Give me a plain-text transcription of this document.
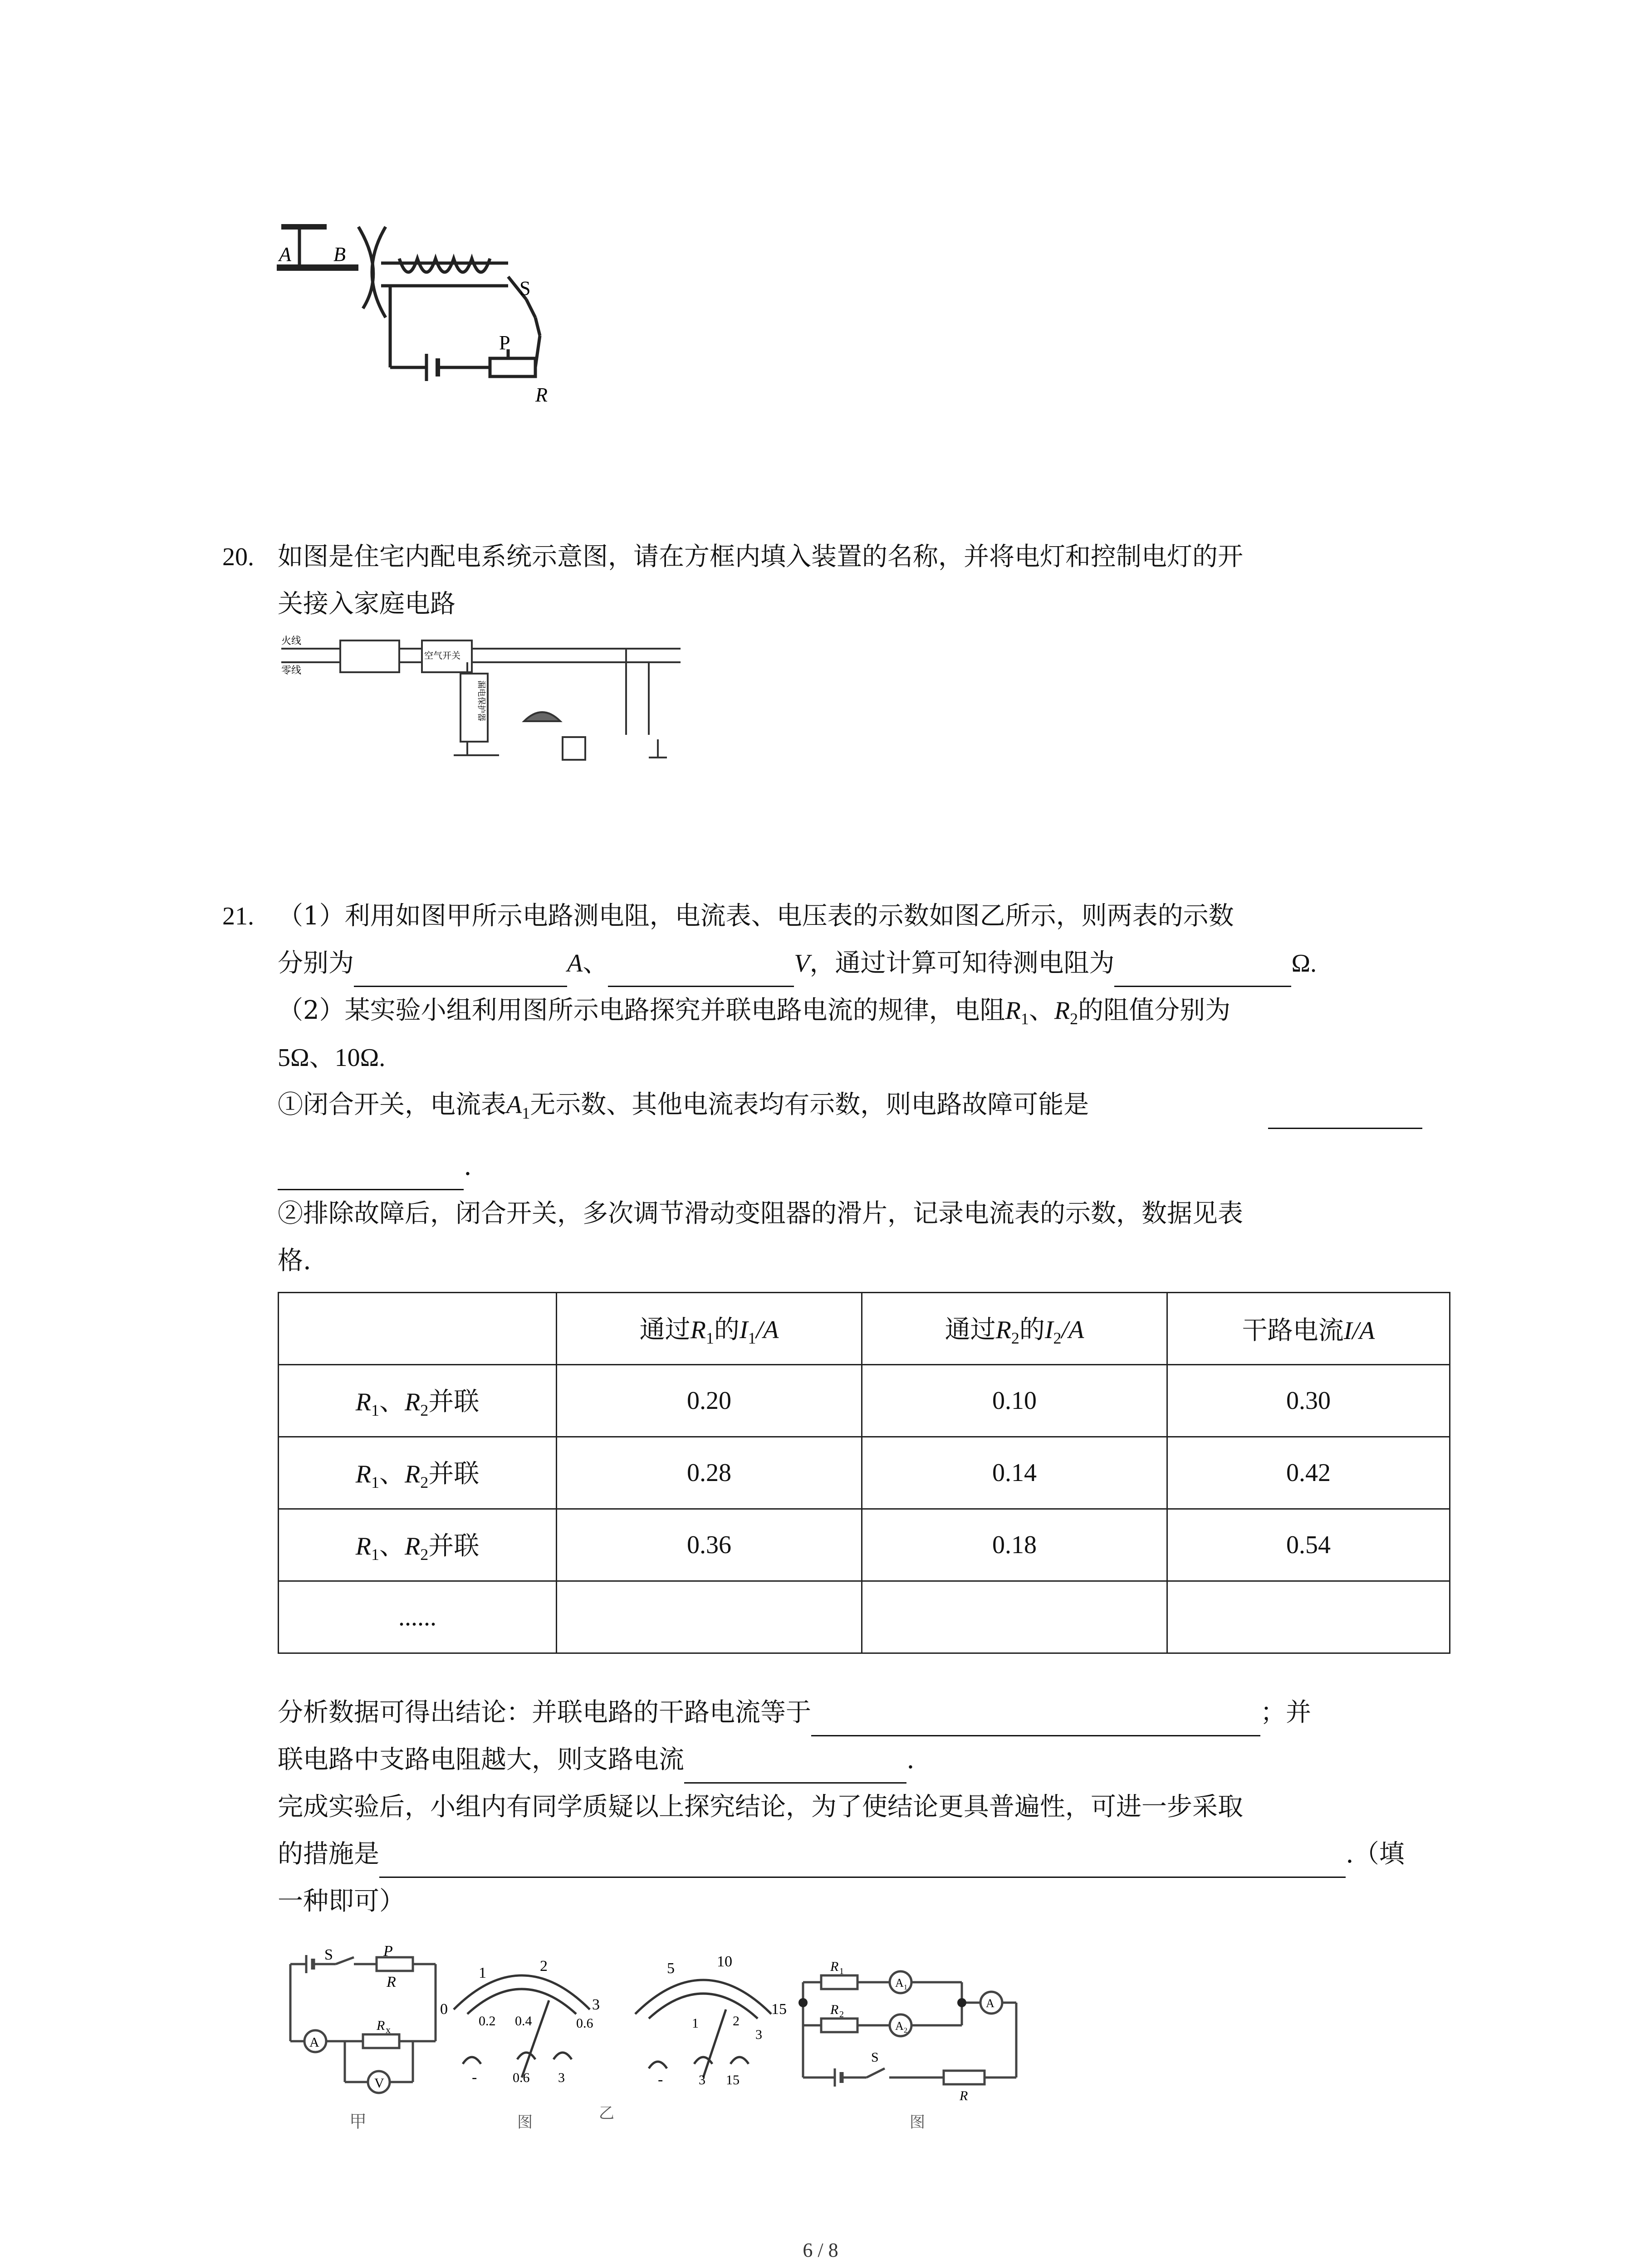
A B
S
P
R
20. 如图是住宅内配电系统示意图，请在方框内填入装置的名称，并将电灯和控制电灯的开
关接入家庭电路
火线
零线
空气开关
漏电保护器
21. （1）利用如图甲所示电路测电阻，电流表、电压表的示数如图乙所示，则两表的示数
分别为	A、	V，通过计算可知待测电阻为	Ω.
（2）某实验小组利用图所示电路探究并联电路电流的规律，电阻$R_1$、$R_2$的阻值分别为
5Ω、10Ω.
①闭合开关，电流表$A_1$无示数、其他电流表均有示数，则电路故障可能是
.
②排除故障后，闭合开关，多次调节滑动变阻器的滑片，记录电流表的示数，数据见表
格.
	通过$R_1$的$I_1/A$	通过$R_2$的$I_2/A$	干路电流I/A
$R_1$、$R_2$并联	0.20	0.10	0.30
$R_1$、$R_2$并联	0.28	0.14	0.42
$R_1$、$R_2$并联	0.36	0.18	0.54
......			
分析数据可得出结论：并联电路的干路电流等于	；并
联电路中支路电阻越大，则支路电流	.
完成实验后，小组内有同学质疑以上探究结论，为了使结论更具普遍性，可进一步采取
的措施是	.（填
一种即可）
S	P
R
A
V
R x
甲
0
1	2
3
0.2 0.4	0.6
-	0.6 3
图
乙
5	10
15
1	2
3
-	3 15
R 1
R 2
A 1
A 2
A
S
R
图
6 / 8
